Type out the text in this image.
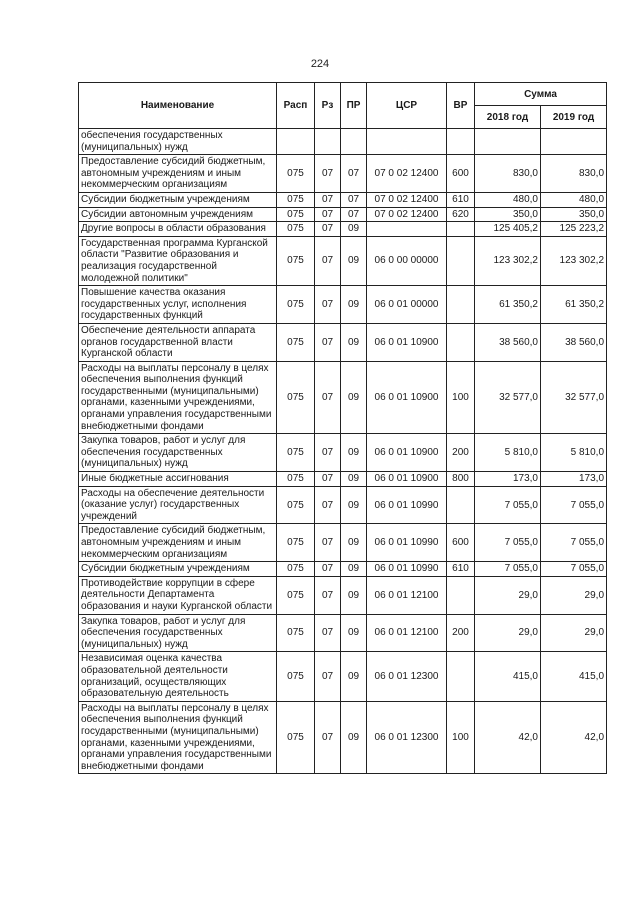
224
Наименование	Расп	Рз	ПР	ЦСР	ВР	Сумма	
						2018 год	2019 год
обеспечения государственных (муниципальных) нужд							
Предоставление субсидий бюджетным, автономным учреждениям и иным некоммерческим организациям	075	07	07	07 0 02 12400	600	830,0	830,0
Субсидии бюджетным учреждениям	075	07	07	07 0 02 12400	610	480,0	480,0
Субсидии автономным учреждениям	075	07	07	07 0 02 12400	620	350,0	350,0
Другие вопросы в области образования	075	07	09			125 405,2	125 223,2
Государственная программа Курганской области "Развитие образования и реализация государственной молодежной политики"	075	07	09	06 0 00 00000		123 302,2	123 302,2
Повышение качества оказания государственных услуг, исполнения государственных функций	075	07	09	06 0 01 00000		61 350,2	61 350,2
Обеспечение деятельности аппарата органов государственной власти Курганской области	075	07	09	06 0 01 10900		38 560,0	38 560,0
Расходы на выплаты персоналу в целях обеспечения выполнения функций государственными (муниципальными) органами, казенными учреждениями, органами управления государственными внебюджетными фондами	075	07	09	06 0 01 10900	100	32 577,0	32 577,0
Закупка товаров, работ и услуг для обеспечения государственных (муниципальных) нужд	075	07	09	06 0 01 10900	200	5 810,0	5 810,0
Иные бюджетные ассигнования	075	07	09	06 0 01 10900	800	173,0	173,0
Расходы на обеспечение деятельности (оказание услуг) государственных учреждений	075	07	09	06 0 01 10990		7 055,0	7 055,0
Предоставление субсидий бюджетным, автономным учреждениям и иным некоммерческим организациям	075	07	09	06 0 01 10990	600	7 055,0	7 055,0
Субсидии бюджетным учреждениям	075	07	09	06 0 01 10990	610	7 055,0	7 055,0
Противодействие коррупции в сфере деятельности Департамента образования и науки Курганской области	075	07	09	06 0 01 12100		29,0	29,0
Закупка товаров, работ и услуг для обеспечения государственных (муниципальных) нужд	075	07	09	06 0 01 12100	200	29,0	29,0
Независимая оценка качества образовательной деятельности организаций, осуществляющих образовательную деятельность	075	07	09	06 0 01 12300		415,0	415,0
Расходы на выплаты персоналу в целях обеспечения выполнения функций государственными (муниципальными) органами, казенными учреждениями, органами управления государственными внебюджетными фондами	075	07	09	06 0 01 12300	100	42,0	42,0
